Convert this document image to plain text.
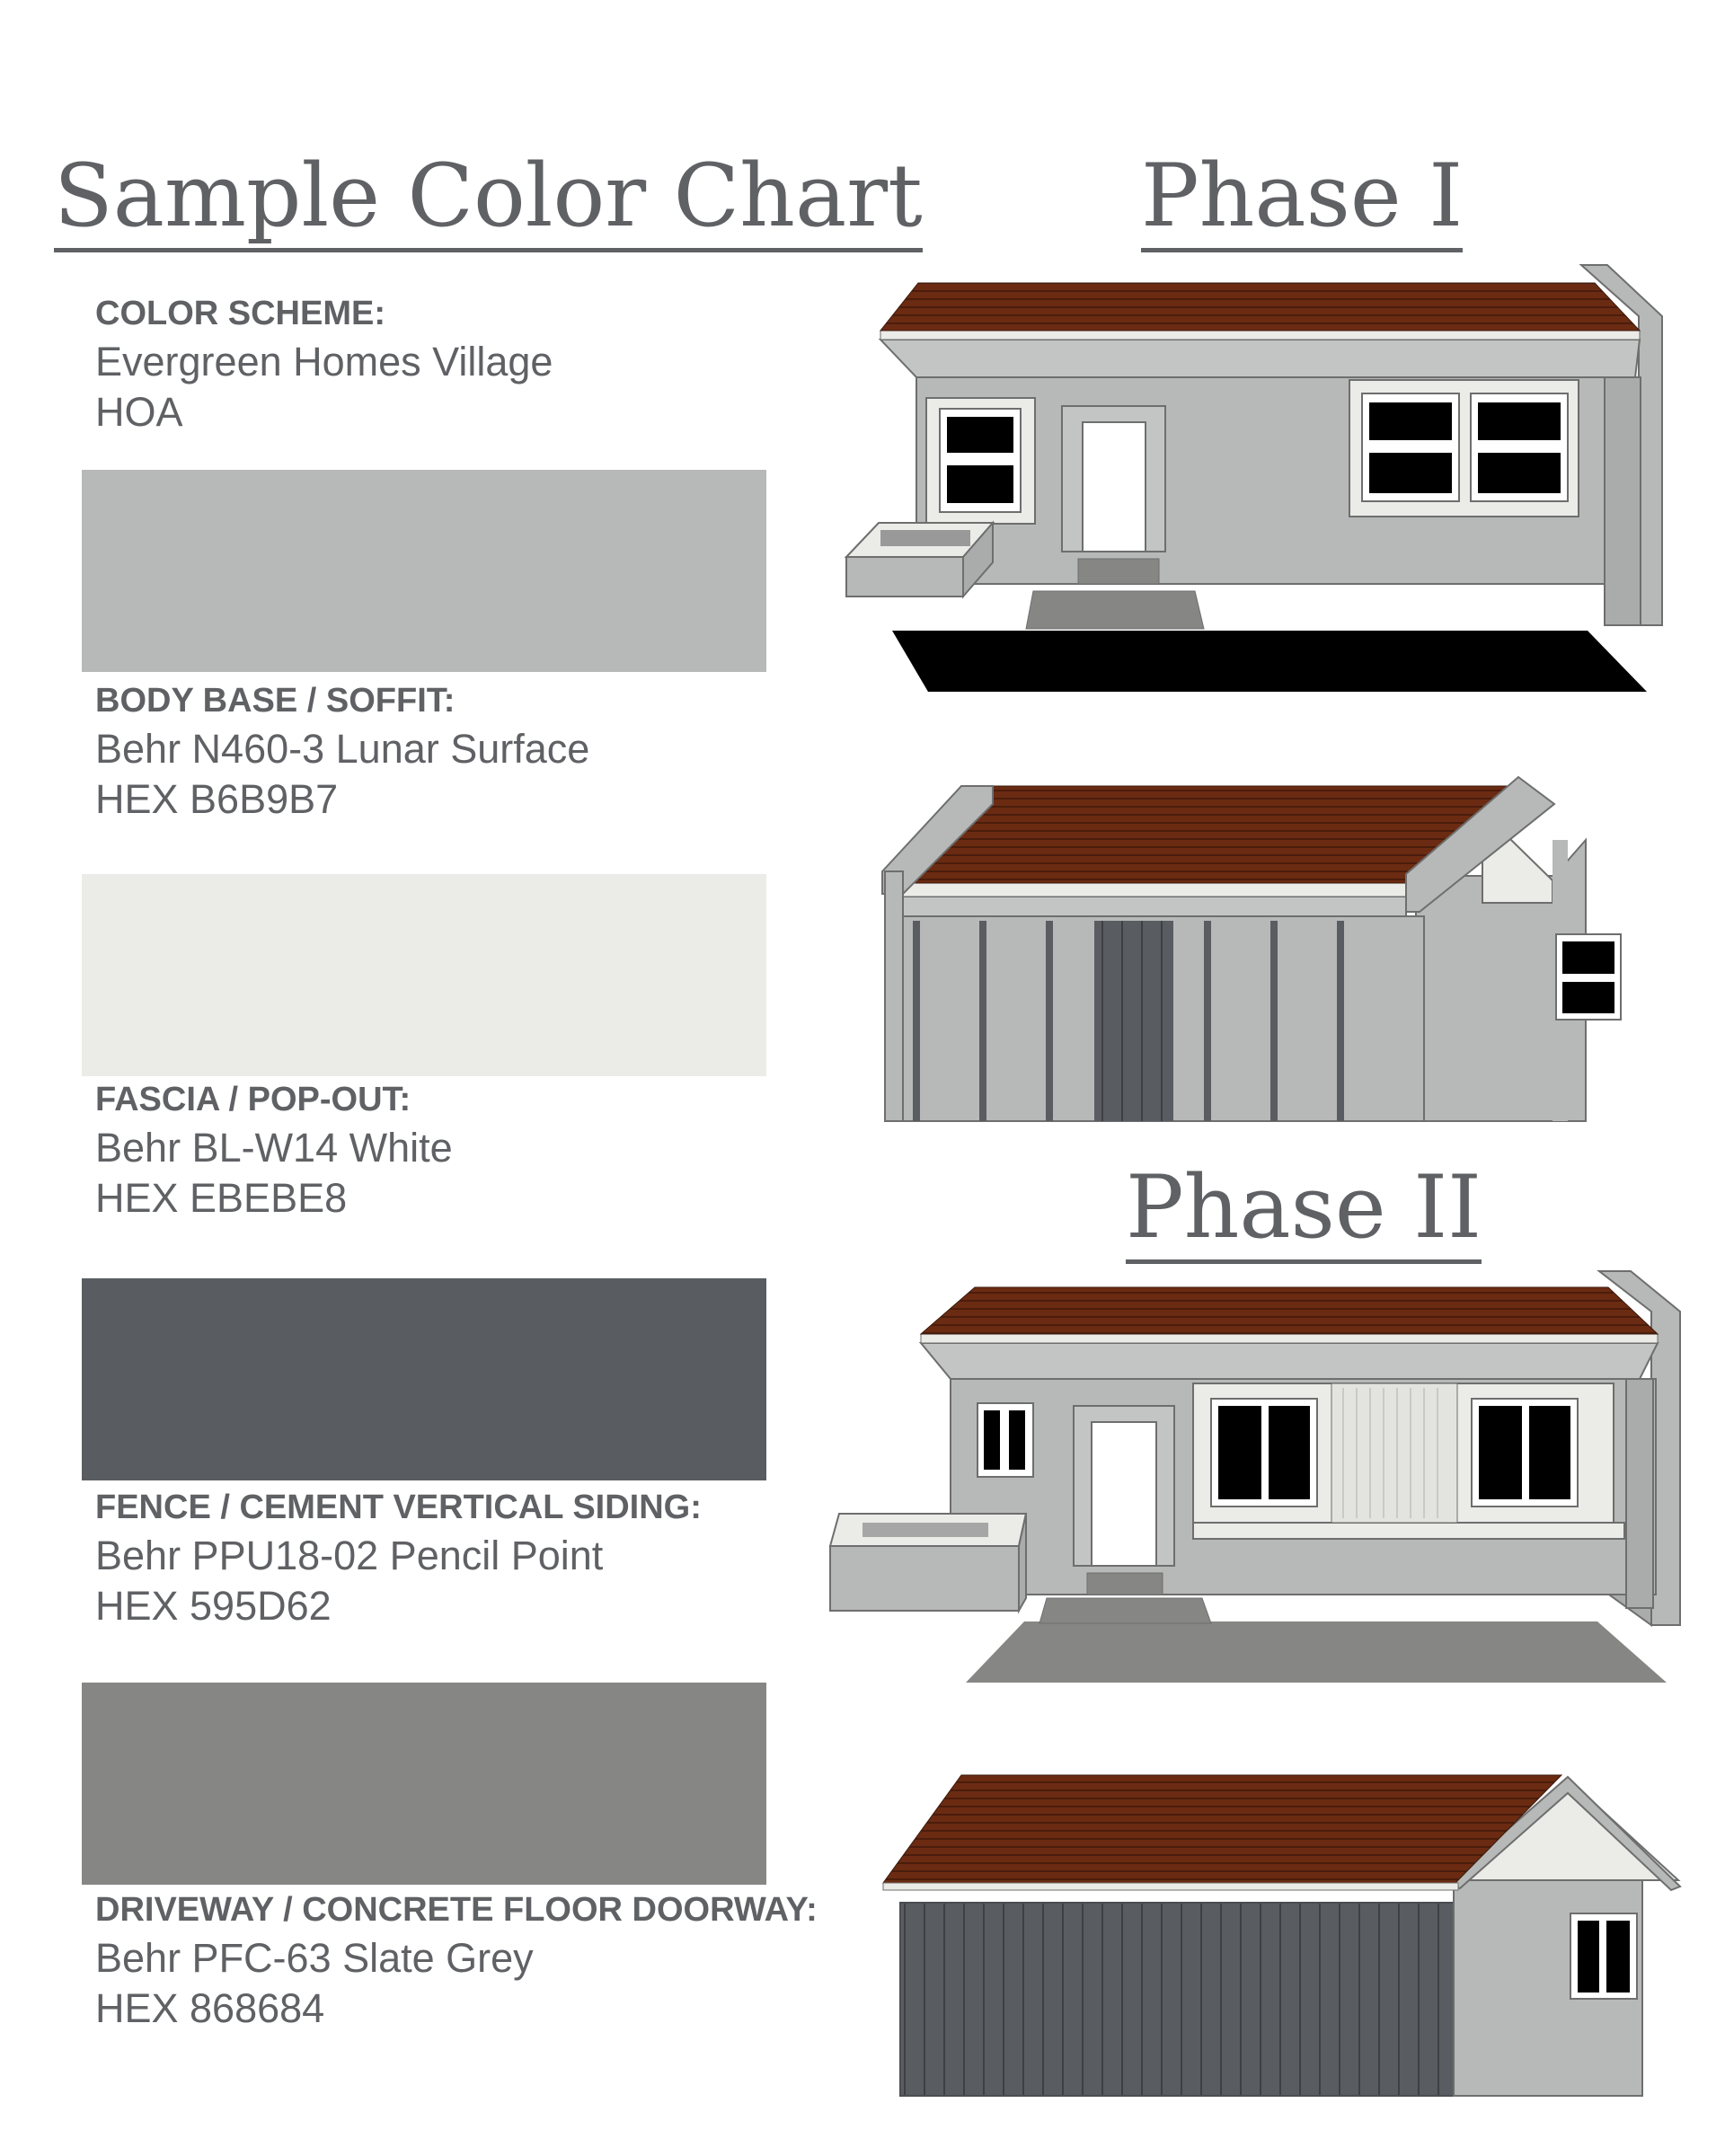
Sample Color Chart	Phase I
Phase II
COLOR SCHEME:
Evergreen Homes Village
HOA
BODY BASE / SOFFIT:
Behr N460-3 Lunar Surface
HEX B6B9B7
FASCIA / POP-OUT:
Behr BL-W14 White
HEX EBEBE8
FENCE / CEMENT VERTICAL SIDING:
Behr PPU18-02 Pencil Point
HEX 595D62
DRIVEWAY / CONCRETE FLOOR DOORWAY:
Behr PFC-63 Slate Grey
HEX 868684
